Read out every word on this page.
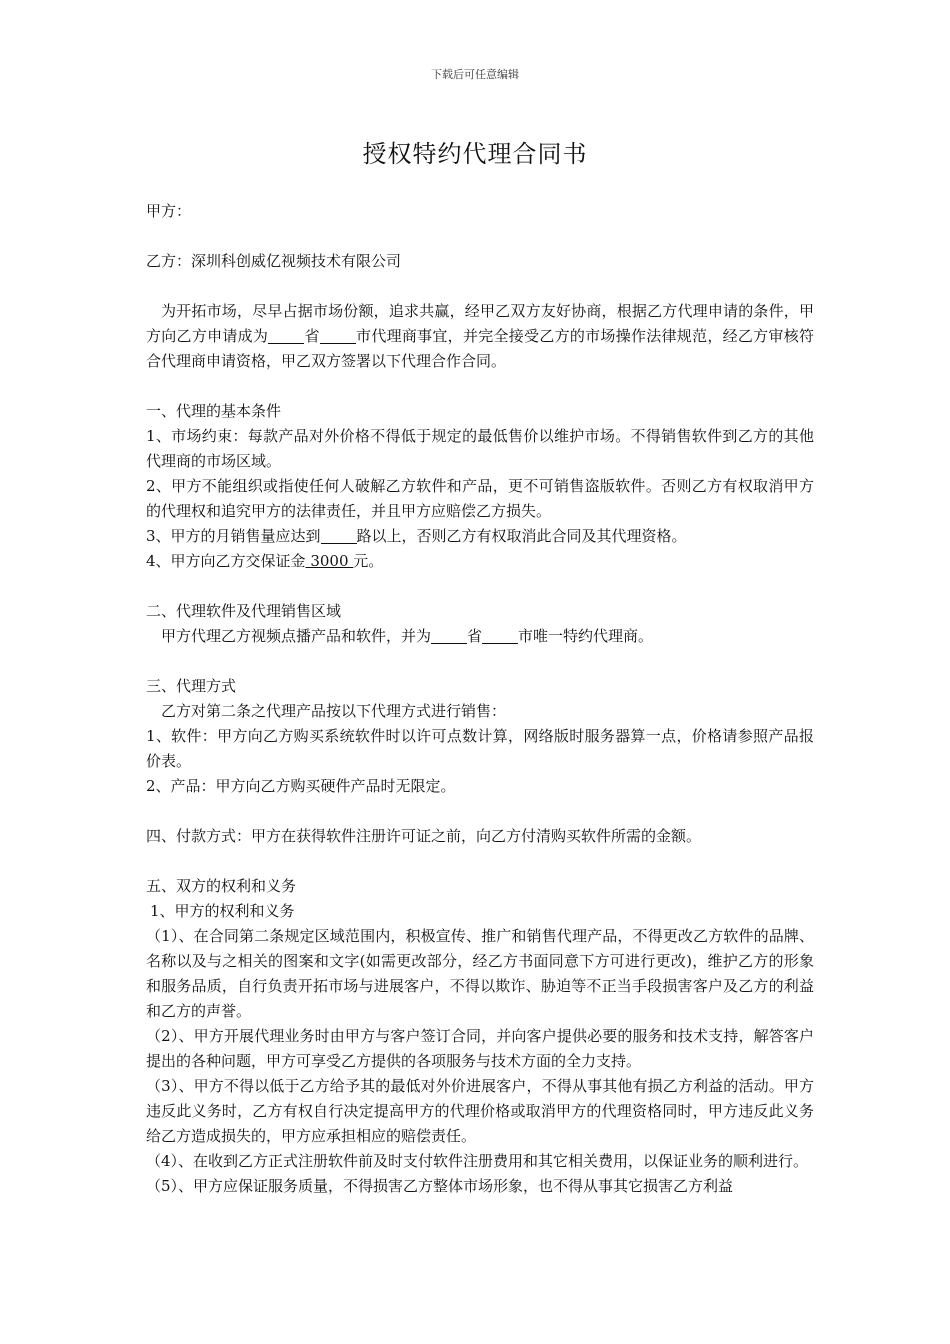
下载后可任意编辑
授权特约代理合同书

甲方：

乙方：深圳科创威亿视频技术有限公司

为开拓市场，尽早占据市场份额，追求共赢，经甲乙双方友好协商，根据乙方代理申请的条件，甲方向乙方申请成为 省 市代理商事宜，并完全接受乙方的市场操作法律规范，经乙方审核符合代理商申请资格，甲乙双方签署以下代理合作合同。

一、代理的基本条件

1、市场约束：每款产品对外价格不得低于规定的最低售价以维护市场。不得销售软件到乙方的其他代理商的市场区域。

2、甲方不能组织或指使任何人破解乙方软件和产品，更不可销售盗版软件。否则乙方有权取消甲方的代理权和追究甲方的法律责任，并且甲方应赔偿乙方损失。

3、甲方的月销售量应达到 路以上，否则乙方有权取消此合同及其代理资格。

4、甲方向乙方交保证金 3000 元。

二、代理软件及代理销售区域

甲方代理乙方视频点播产品和软件，并为 省 市唯一特约代理商。

三、代理方式

乙方对第二条之代理产品按以下代理方式进行销售：

1、软件：甲方向乙方购买系统软件时以许可点数计算，网络版时服务器算一点，价格请参照产品报价表。

2、产品：甲方向乙方购买硬件产品时无限定。

四、付款方式：甲方在获得软件注册许可证之前，向乙方付清购买软件所需的金额。

五、双方的权利和义务

1、甲方的权利和义务

（1）、在合同第二条规定区域范围内，积极宣传、推广和销售代理产品，不得更改乙方软件的品牌、名称以及与之相关的图案和文字(如需更改部分，经乙方书面同意下方可进行更改)，维护乙方的形象和服务品质，自行负责开拓市场与进展客户，不得以欺诈、胁迫等不正当手段损害客户及乙方的利益和乙方的声誉。

（2）、甲方开展代理业务时由甲方与客户签订合同，并向客户提供必要的服务和技术支持，解答客户提出的各种问题，甲方可享受乙方提供的各项服务与技术方面的全力支持。

（3）、甲方不得以低于乙方给予其的最低对外价进展客户，不得从事其他有损乙方利益的活动。甲方违反此义务时，乙方有权自行决定提高甲方的代理价格或取消甲方的代理资格同时，甲方违反此义务给乙方造成损失的，甲方应承担相应的赔偿责任。

（4）、在收到乙方正式注册软件前及时支付软件注册费用和其它相关费用，以保证业务的顺利进行。

（5）、甲方应保证服务质量，不得损害乙方整体市场形象，也不得从事其它损害乙方利益
